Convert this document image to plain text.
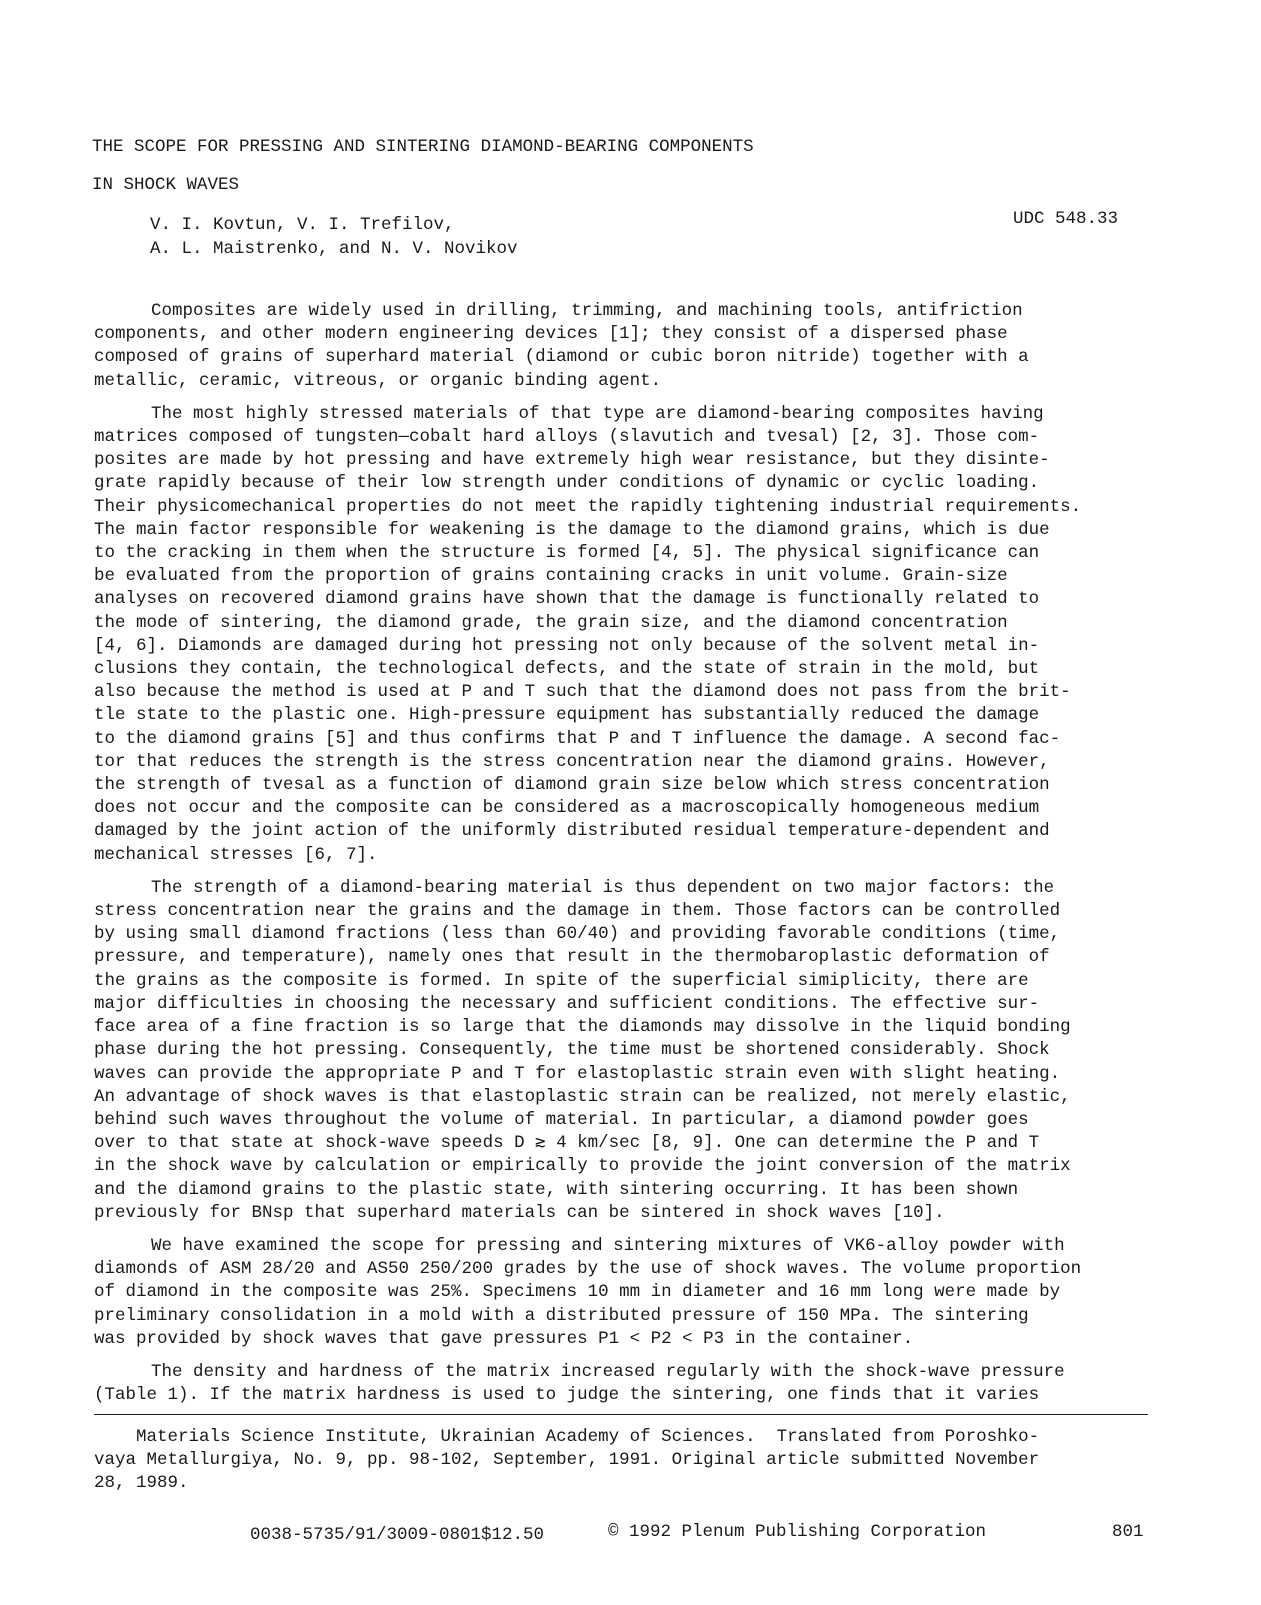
THE SCOPE FOR PRESSING AND SINTERING DIAMOND-BEARING COMPONENTS
IN SHOCK WAVES
V. I. Kovtun, V. I. Trefilov,
A. L. Maistrenko, and N. V. Novikov
UDC 548.33
Composites are widely used in drilling, trimming, and machining tools, antifriction
components, and other modern engineering devices [1]; they consist of a dispersed phase
composed of grains of superhard material (diamond or cubic boron nitride) together with a
metallic, ceramic, vitreous, or organic binding agent.
The most highly stressed materials of that type are diamond-bearing composites having
matrices composed of tungsten—cobalt hard alloys (slavutich and tvesal) [2, 3]. Those com-
posites are made by hot pressing and have extremely high wear resistance, but they disinte-
grate rapidly because of their low strength under conditions of dynamic or cyclic loading.
Their physicomechanical properties do not meet the rapidly tightening industrial requirements.
The main factor responsible for weakening is the damage to the diamond grains, which is due
to the cracking in them when the structure is formed [4, 5]. The physical significance can
be evaluated from the proportion of grains containing cracks in unit volume. Grain-size
analyses on recovered diamond grains have shown that the damage is functionally related to
the mode of sintering, the diamond grade, the grain size, and the diamond concentration
[4, 6]. Diamonds are damaged during hot pressing not only because of the solvent metal in-
clusions they contain, the technological defects, and the state of strain in the mold, but
also because the method is used at P and T such that the diamond does not pass from the brit-
tle state to the plastic one. High-pressure equipment has substantially reduced the damage
to the diamond grains [5] and thus confirms that P and T influence the damage. A second fac-
tor that reduces the strength is the stress concentration near the diamond grains. However,
the strength of tvesal as a function of diamond grain size below which stress concentration
does not occur and the composite can be considered as a macroscopically homogeneous medium
damaged by the joint action of the uniformly distributed residual temperature-dependent and
mechanical stresses [6, 7].
The strength of a diamond-bearing material is thus dependent on two major factors: the
stress concentration near the grains and the damage in them. Those factors can be controlled
by using small diamond fractions (less than 60/40) and providing favorable conditions (time,
pressure, and temperature), namely ones that result in the thermobaroplastic deformation of
the grains as the composite is formed. In spite of the superficial simiplicity, there are
major difficulties in choosing the necessary and sufficient conditions. The effective sur-
face area of a fine fraction is so large that the diamonds may dissolve in the liquid bonding
phase during the hot pressing. Consequently, the time must be shortened considerably. Shock
waves can provide the appropriate P and T for elastoplastic strain even with slight heating.
An advantage of shock waves is that elastoplastic strain can be realized, not merely elastic,
behind such waves throughout the volume of material. In particular, a diamond powder goes
over to that state at shock-wave speeds D ≳ 4 km/sec [8, 9]. One can determine the P and T
in the shock wave by calculation or empirically to provide the joint conversion of the matrix
and the diamond grains to the plastic state, with sintering occurring. It has been shown
previously for BNsp that superhard materials can be sintered in shock waves [10].
We have examined the scope for pressing and sintering mixtures of VK6-alloy powder with
diamonds of ASM 28/20 and AS50 250/200 grades by the use of shock waves. The volume proportion
of diamond in the composite was 25%. Specimens 10 mm in diameter and 16 mm long were made by
preliminary consolidation in a mold with a distributed pressure of 150 MPa. The sintering
was provided by shock waves that gave pressures P1 < P2 < P3 in the container.
The density and hardness of the matrix increased regularly with the shock-wave pressure
(Table 1). If the matrix hardness is used to judge the sintering, one finds that it varies
Materials Science Institute, Ukrainian Academy of Sciences.  Translated from Poroshko-
vaya Metallurgiya, No. 9, pp. 98-102, September, 1991. Original article submitted November
28, 1989.
0038-5735/91/3009-0801$12.50	© 1992 Plenum Publishing Corporation	801
